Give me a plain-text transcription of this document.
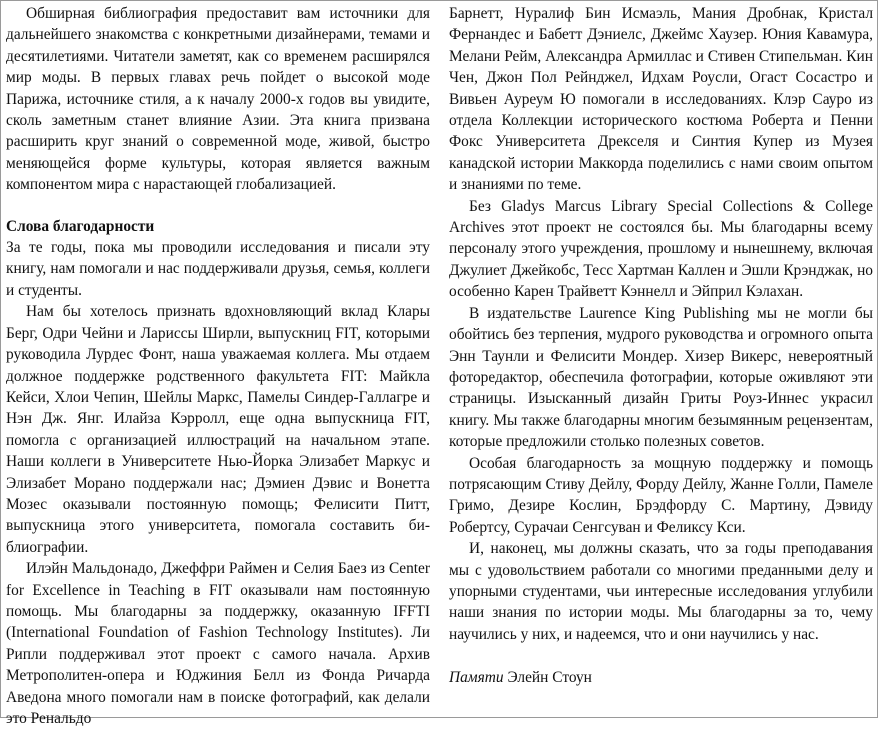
Обширная библиография предоставит вам источники для дальнейшего знакомства с конкретными дизайнерами, темами и десятилетиями. Читатели заметят, как со временем расширялся мир моды. В первых главах речь пойдет о высокой моде Парижа, источнике стиля, а к началу 2000-х годов вы увидите, сколь заметным станет влияние Азии. Эта книга призвана расширить круг знаний о современной моде, живой, быстро меняющейся форме культуры, которая является важным компонентом мира с нарастающей глобализацией.

Слова благодарности

За те годы, пока мы проводили исследования и писали эту книгу, нам помогали и нас поддерживали друзья, семья, коллеги и студенты.

Нам бы хотелось признать вдохновляющий вклад Клары Берг, Одри Чейни и Лариссы Ширли, выпускниц FIT, которыми руководила Лурдес Фонт, наша уважаемая коллега. Мы отдаем должное поддержке родственного факультета FIT: Майкла Кейси, Хлои Чепин, Шейлы Маркс, Памелы Синдер-Галлагре и Нэн Дж. Янг. Илайза Кэрролл, еще одна выпускница FIT, помогла с организацией иллюстраций на начальном этапе. Наши коллеги в Университете Нью-Йорка Элизабет Маркус и Элизабет Морано поддержали нас; Дэмиен Дэвис и Вонетта Мозес оказывали постоянную помощь; Фелисити Питт, выпускница этого университета, помогала составить библиографии.

Илэйн Мальдонадо, Джеффри Раймен и Селия Баез из Center for Excellence in Teaching в FIT оказывали нам постоянную помощь. Мы благодарны за поддержку, оказанную IFFTI (International Foundation of Fashion Technology Institutes). Ли Рипли поддерживал этот проект с самого начала. Архив Метрополитен-опера и Юджиния Белл из Фонда Ричарда Аведона много помогали нам в поиске фотографий, как делали это Ренальдо

Барнетт, Нуралиф Бин Исмаэль, Мания Дробнак, Кристал Фернандес и Бабетт Дэниелс, Джеймс Хаузер. Юния Кавамура, Мелани Рейм, Александра Армиллас и Стивен Стипельман. Кин Чен, Джон Пол Рейнджел, Идхам Роусли, Огаст Сосастро и Вивьен Ауреум Ю помогали в исследованиях. Клэр Сауро из отдела Коллекции исторического костюма Роберта и Пенни Фокс Университета Дрекселя и Синтия Купер из Музея канадской истории Маккорда поделились с нами своим опытом и знаниями по теме.

Без Gladys Marcus Library Special Collections & College Archives этот проект не состоялся бы. Мы благодарны всему персоналу этого учреждения, прошлому и нынешнему, включая Джулиет Джейкобс, Тесс Хартман Каллен и Эшли Крэнджак, но особенно Карен Трайветт Кэннелл и Эйприл Кэлахан.

В издательстве Laurence King Publishing мы не могли бы обойтись без терпения, мудрого руководства и огромного опыта Энн Таунли и Фелисити Мондер. Хизер Викерс, невероятный фоторедактор, обеспечила фотографии, которые оживляют эти страницы. Изысканный дизайн Гриты Роуз-Иннес украсил книгу. Мы также благодарны многим безымянным рецензентам, которые предложили столько полезных советов.

Особая благодарность за мощную поддержку и помощь потрясающим Стиву Дейлу, Форду Дейлу, Жанне Голли, Памеле Гримо, Дезире Кослин, Брэдфорду С. Мартину, Дэвиду Робертсу, Сурачаи Сенгсуван и Феликсу Кси.

И, наконец, мы должны сказать, что за годы преподавания мы с удовольствием работали со многими преданными делу и упорными студентами, чьи интересные исследования углубили наши знания по истории моды. Мы благодарны за то, чему научились у них, и надеемся, что и они научились у нас.

Памяти Элейн Стоун
